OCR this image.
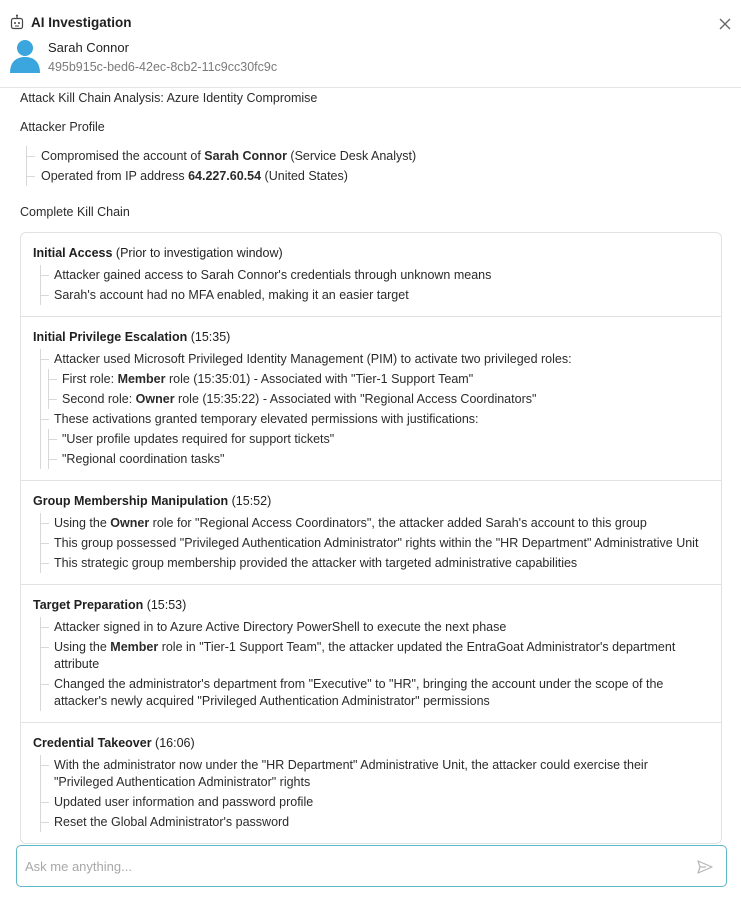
AI Investigation
Sarah Connor
495b915c-bed6-42ec-8cb2-11c9cc30fc9c
Attack Kill Chain Analysis: Azure Identity Compromise
Attacker Profile
Compromised the account of Sarah Connor (Service Desk Analyst)
Operated from IP address 64.227.60.54 (United States)
Complete Kill Chain
Initial Access (Prior to investigation window)
Attacker gained access to Sarah Connor's credentials through unknown means
Sarah's account had no MFA enabled, making it an easier target
Initial Privilege Escalation (15:35)
Attacker used Microsoft Privileged Identity Management (PIM) to activate two privileged roles:
First role: Member role (15:35:01) - Associated with "Tier-1 Support Team"
Second role: Owner role (15:35:22) - Associated with "Regional Access Coordinators"
These activations granted temporary elevated permissions with justifications:
"User profile updates required for support tickets"
"Regional coordination tasks"
Group Membership Manipulation (15:52)
Using the Owner role for "Regional Access Coordinators", the attacker added Sarah's account to this group
This group possessed "Privileged Authentication Administrator" rights within the "HR Department" Administrative Unit
This strategic group membership provided the attacker with targeted administrative capabilities
Target Preparation (15:53)
Attacker signed in to Azure Active Directory PowerShell to execute the next phase
Using the Member role in "Tier-1 Support Team", the attacker updated the EntraGoat Administrator's department attribute
Changed the administrator's department from "Executive" to "HR", bringing the account under the scope of the attacker's newly acquired "Privileged Authentication Administrator" permissions
Credential Takeover (16:06)
With the administrator now under the "HR Department" Administrative Unit, the attacker could exercise their "Privileged Authentication Administrator" rights
Updated user information and password profile
Reset the Global Administrator's password
Ask me anything...
